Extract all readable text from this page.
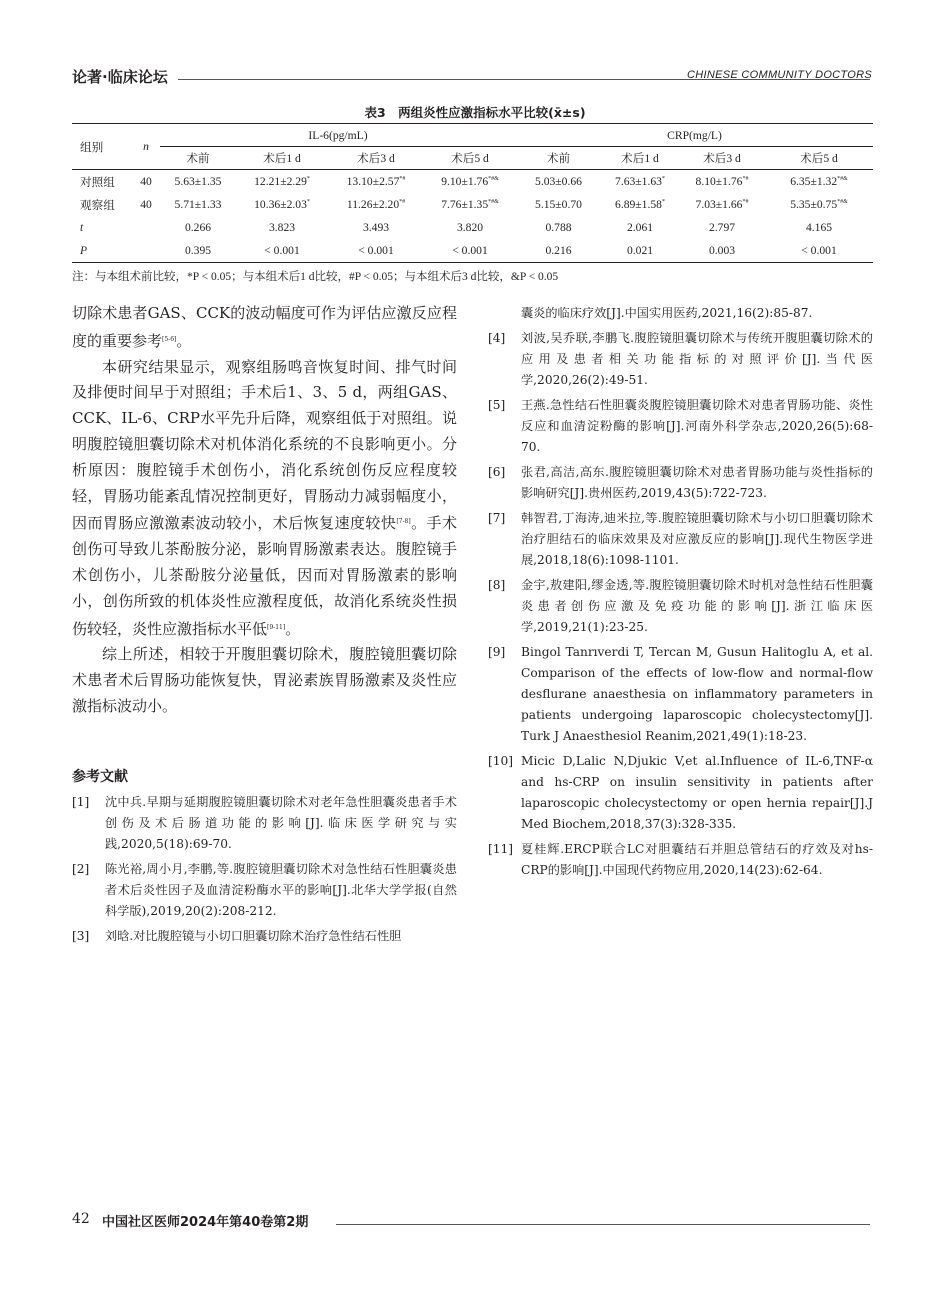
论著·临床论坛	CHINESE COMMUNITY DOCTORS
表3　两组炎性应激指标水平比较(x̄±s)
组别	n	IL-6(pg/mL)				CRP(mg/L)			
		术前	术后1 d	术后3 d	术后5 d	术前	术后1 d	术后3 d	术后5 d
对照组	40	5.63±1.35	12.21±2.29*	13.10±2.57*#	9.10±1.76*#&	5.03±0.66	7.63±1.63*	8.10±1.76*#	6.35±1.32*#&
观察组	40	5.71±1.33	10.36±2.03*	11.26±2.20*#	7.76±1.35*#&	5.15±0.70	6.89±1.58*	7.03±1.66*#	5.35±0.75*#&
t		0.266	3.823	3.493	3.820	0.788	2.061	2.797	4.165
P		0.395	< 0.001	< 0.001	< 0.001	0.216	0.021	0.003	< 0.001
注：与本组术前比较，*P < 0.05；与本组术后1 d比较，#P < 0.05；与本组术后3 d比较，&P < 0.05

切除术患者GAS、CCK的波动幅度可作为评估应激反应程度的重要参考[5-6]。

本研究结果显示，观察组肠鸣音恢复时间、排气时间及排便时间早于对照组；手术后1、3、5 d，两组GAS、CCK、IL-6、CRP水平先升后降，观察组低于对照组。说明腹腔镜胆囊切除术对机体消化系统的不良影响更小。分析原因：腹腔镜手术创伤小，消化系统创伤反应程度较轻，胃肠功能紊乱情况控制更好，胃肠动力减弱幅度小，因而胃肠应激激素波动较小，术后恢复速度较快[7-8]。手术创伤可导致儿茶酚胺分泌，影响胃肠激素表达。腹腔镜手术创伤小，儿茶酚胺分泌量低，因而对胃肠激素的影响小，创伤所致的机体炎性应激程度低，故消化系统炎性损伤较轻，炎性应激指标水平低[9-11]。

综上所述，相较于开腹胆囊切除术，腹腔镜胆囊切除术患者术后胃肠功能恢复快，胃泌素族胃肠激素及炎性应激指标波动小。

参考文献
[1]	沈中兵.早期与延期腹腔镜胆囊切除术对老年急性胆囊炎患者手术创伤及术后肠道功能的影响[J].临床医学研究与实践,2020,5(18):69-70.
[2]	陈光裕,周小月,李鹏,等.腹腔镜胆囊切除术对急性结石性胆囊炎患者术后炎性因子及血清淀粉酶水平的影响[J].北华大学学报(自然科学版),2019,20(2):208-212.
[3]	刘晗.对比腹腔镜与小切口胆囊切除术治疗急性结石性胆
囊炎的临床疗效[J].中国实用医药,2021,16(2):85-87.
[4]	刘波,吴乔联,李鹏飞.腹腔镜胆囊切除术与传统开腹胆囊切除术的应用及患者相关功能指标的对照评价[J].当代医学,2020,26(2):49-51.
[5]	王燕.急性结石性胆囊炎腹腔镜胆囊切除术对患者胃肠功能、炎性反应和血清淀粉酶的影响[J].河南外科学杂志,2020,26(5):68-70.
[6]	张君,高洁,高东.腹腔镜胆囊切除术对患者胃肠功能与炎性指标的影响研究[J].贵州医药,2019,43(5):722-723.
[7]	韩智君,丁海涛,迪米拉,等.腹腔镜胆囊切除术与小切口胆囊切除术治疗胆结石的临床效果及对应激反应的影响[J].现代生物医学进展,2018,18(6):1098-1101.
[8]	金宇,敖建阳,缪金透,等.腹腔镜胆囊切除术时机对急性结石性胆囊炎患者创伤应激及免疫功能的影响[J].浙江临床医学,2019,21(1):23-25.
[9]	Bingol Tanrıverdi T, Tercan M, Gusun Halitoglu A, et al. Comparison of the effects of low-flow and normal-flow desflurane anaesthesia on inflammatory parameters in patients undergoing laparoscopic cholecystectomy[J]. Turk J Anaesthesiol Reanim,2021,49(1):18-23.
[10] Micic D,Lalic N,Djukic V,et al.Influence of IL-6,TNF-α and hs-CRP on insulin sensitivity in patients after laparoscopic cholecystectomy or open hernia repair[J].J Med Biochem,2018,37(3):328-335.
[11] 夏桂辉.ERCP联合LC对胆囊结石并胆总管结石的疗效及对hs-CRP的影响[J].中国现代药物应用,2020,14(23):62-64.
42 中国社区医师2024年第40卷第2期
